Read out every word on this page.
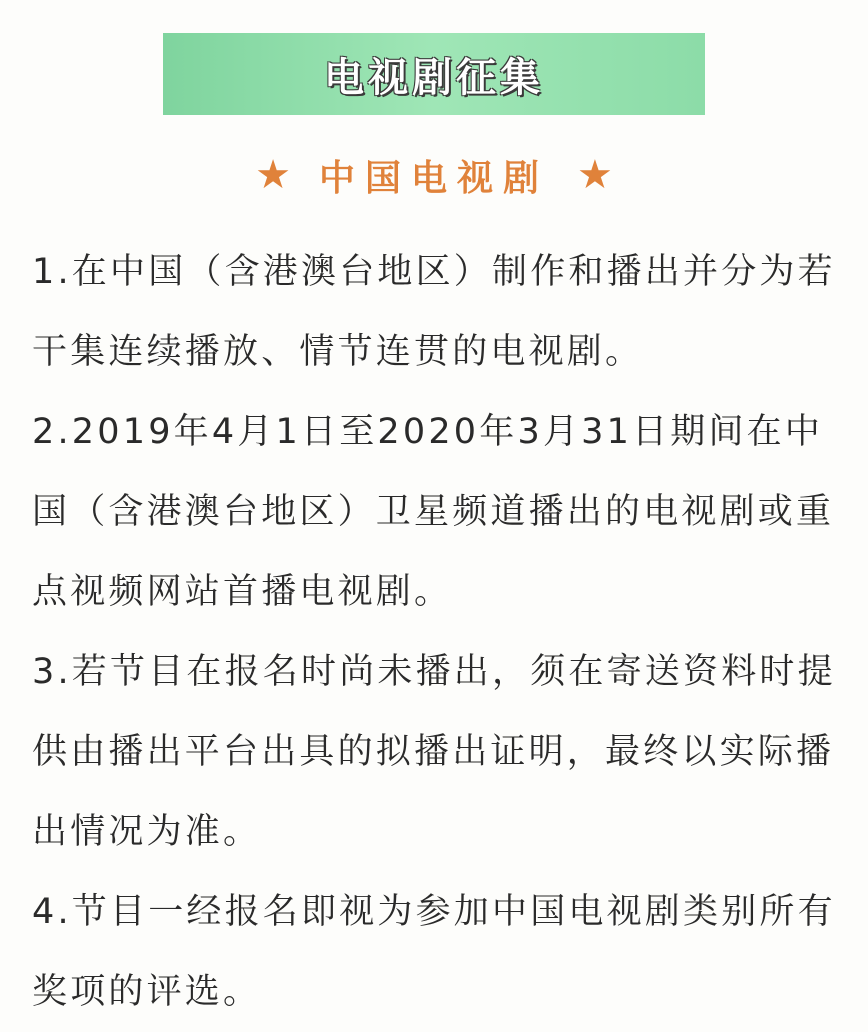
电视剧征集
★ 中国电视剧 ★

1.在中国（含港澳台地区）制作和播出并分为若干集连续播放、情节连贯的电视剧。

2.2019年4月1日至2020年3月31日期间在中国（含港澳台地区）卫星频道播出的电视剧或重点视频网站首播电视剧。

3.若节目在报名时尚未播出，须在寄送资料时提供由播出平台出具的拟播出证明，最终以实际播出情况为准。

4.节目一经报名即视为参加中国电视剧类别所有奖项的评选。
